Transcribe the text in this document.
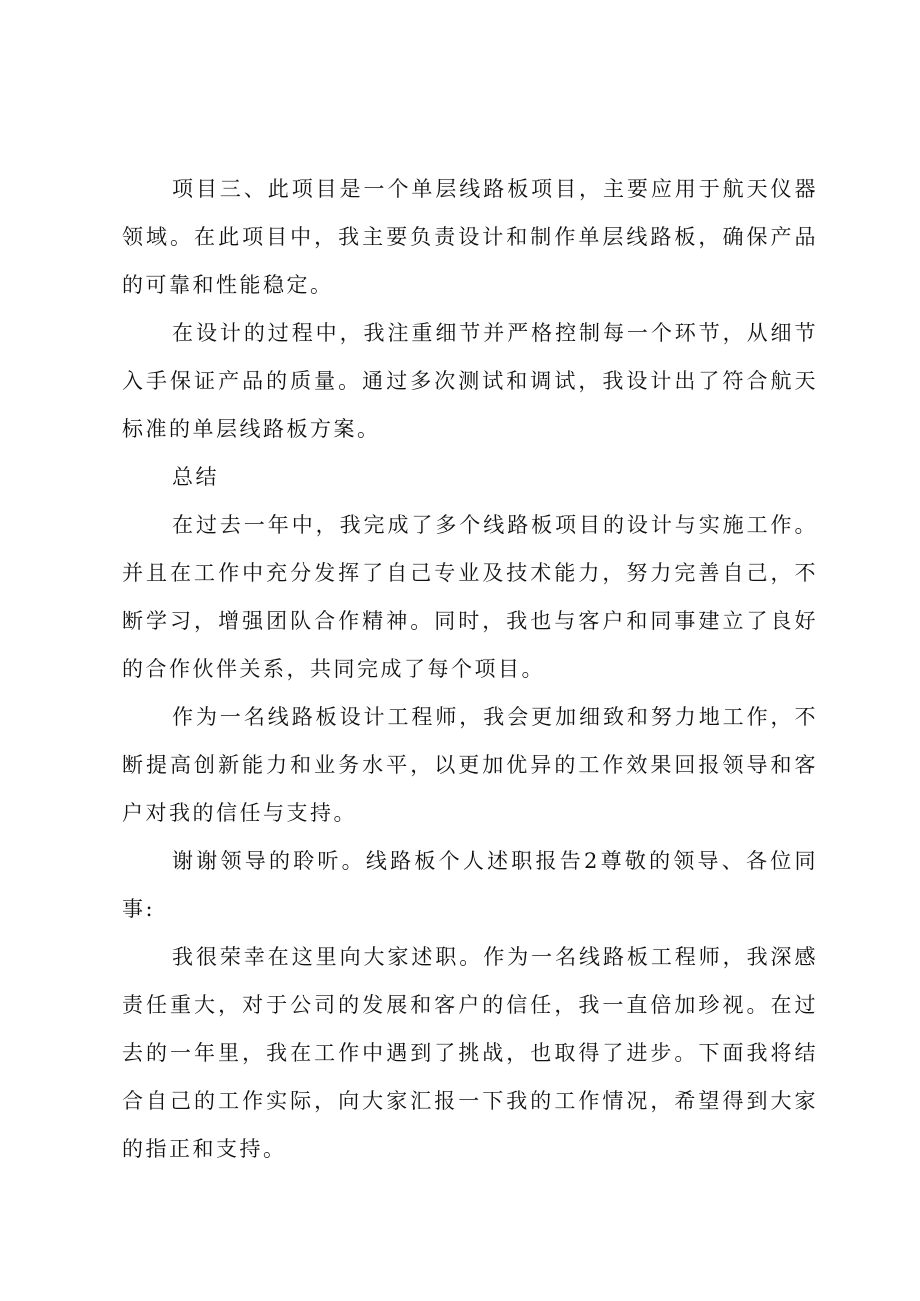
项目三、此项目是一个单层线路板项目，主要应用于航天仪器领域。在此项目中，我主要负责设计和制作单层线路板，确保产品的可靠和性能稳定。

在设计的过程中，我注重细节并严格控制每一个环节，从细节入手保证产品的质量。通过多次测试和调试，我设计出了符合航天标准的单层线路板方案。

总结

在过去一年中，我完成了多个线路板项目的设计与实施工作。并且在工作中充分发挥了自己专业及技术能力，努力完善自己，不断学习，增强团队合作精神。同时，我也与客户和同事建立了良好的合作伙伴关系，共同完成了每个项目。

作为一名线路板设计工程师，我会更加细致和努力地工作，不断提高创新能力和业务水平，以更加优异的工作效果回报领导和客户对我的信任与支持。

谢谢领导的聆听。线路板个人述职报告2尊敬的领导、各位同事:

我很荣幸在这里向大家述职。作为一名线路板工程师，我深感责任重大，对于公司的发展和客户的信任，我一直倍加珍视。在过去的一年里，我在工作中遇到了挑战，也取得了进步。下面我将结合自己的工作实际，向大家汇报一下我的工作情况，希望得到大家的指正和支持。
